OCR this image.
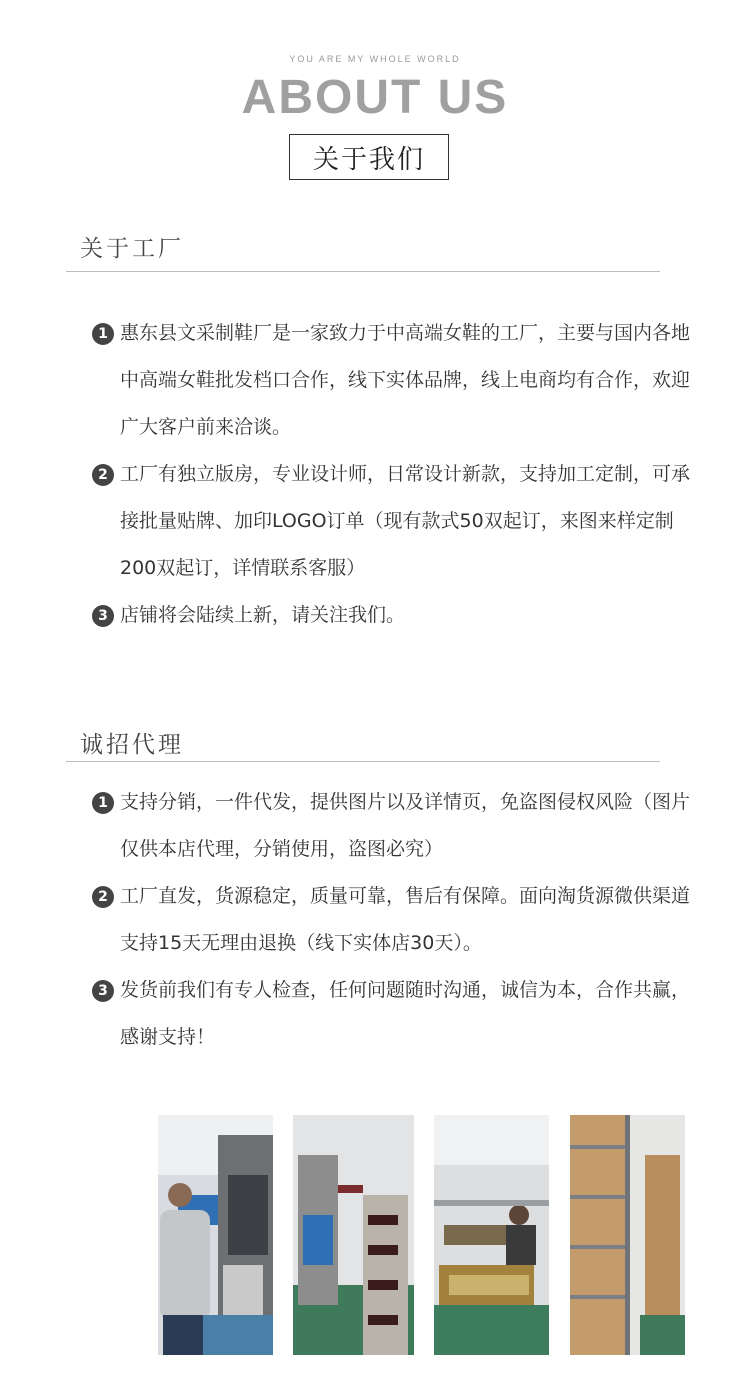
YOU ARE MY WHOLE WORLD
ABOUT US
关于我们
关于工厂
1 惠东县文采制鞋厂是一家致力于中高端女鞋的工厂，主要与国内各地中高端女鞋批发档口合作，线下实体品牌，线上电商均有合作，欢迎广大客户前来洽谈。
2 工厂有独立版房，专业设计师，日常设计新款，支持加工定制，可承接批量贴牌、加印LOGO订单（现有款式50双起订，来图来样定制200双起订，详情联系客服）
3 店铺将会陆续上新，请关注我们。
诚招代理
1 支持分销，一件代发，提供图片以及详情页，免盗图侵权风险（图片仅供本店代理，分销使用，盗图必究）
2 工厂直发，货源稳定，质量可靠，售后有保障。面向淘货源微供渠道支持15天无理由退换（线下实体店30天）。
3 发货前我们有专人检查，任何问题随时沟通，诚信为本，合作共赢，感谢支持！
